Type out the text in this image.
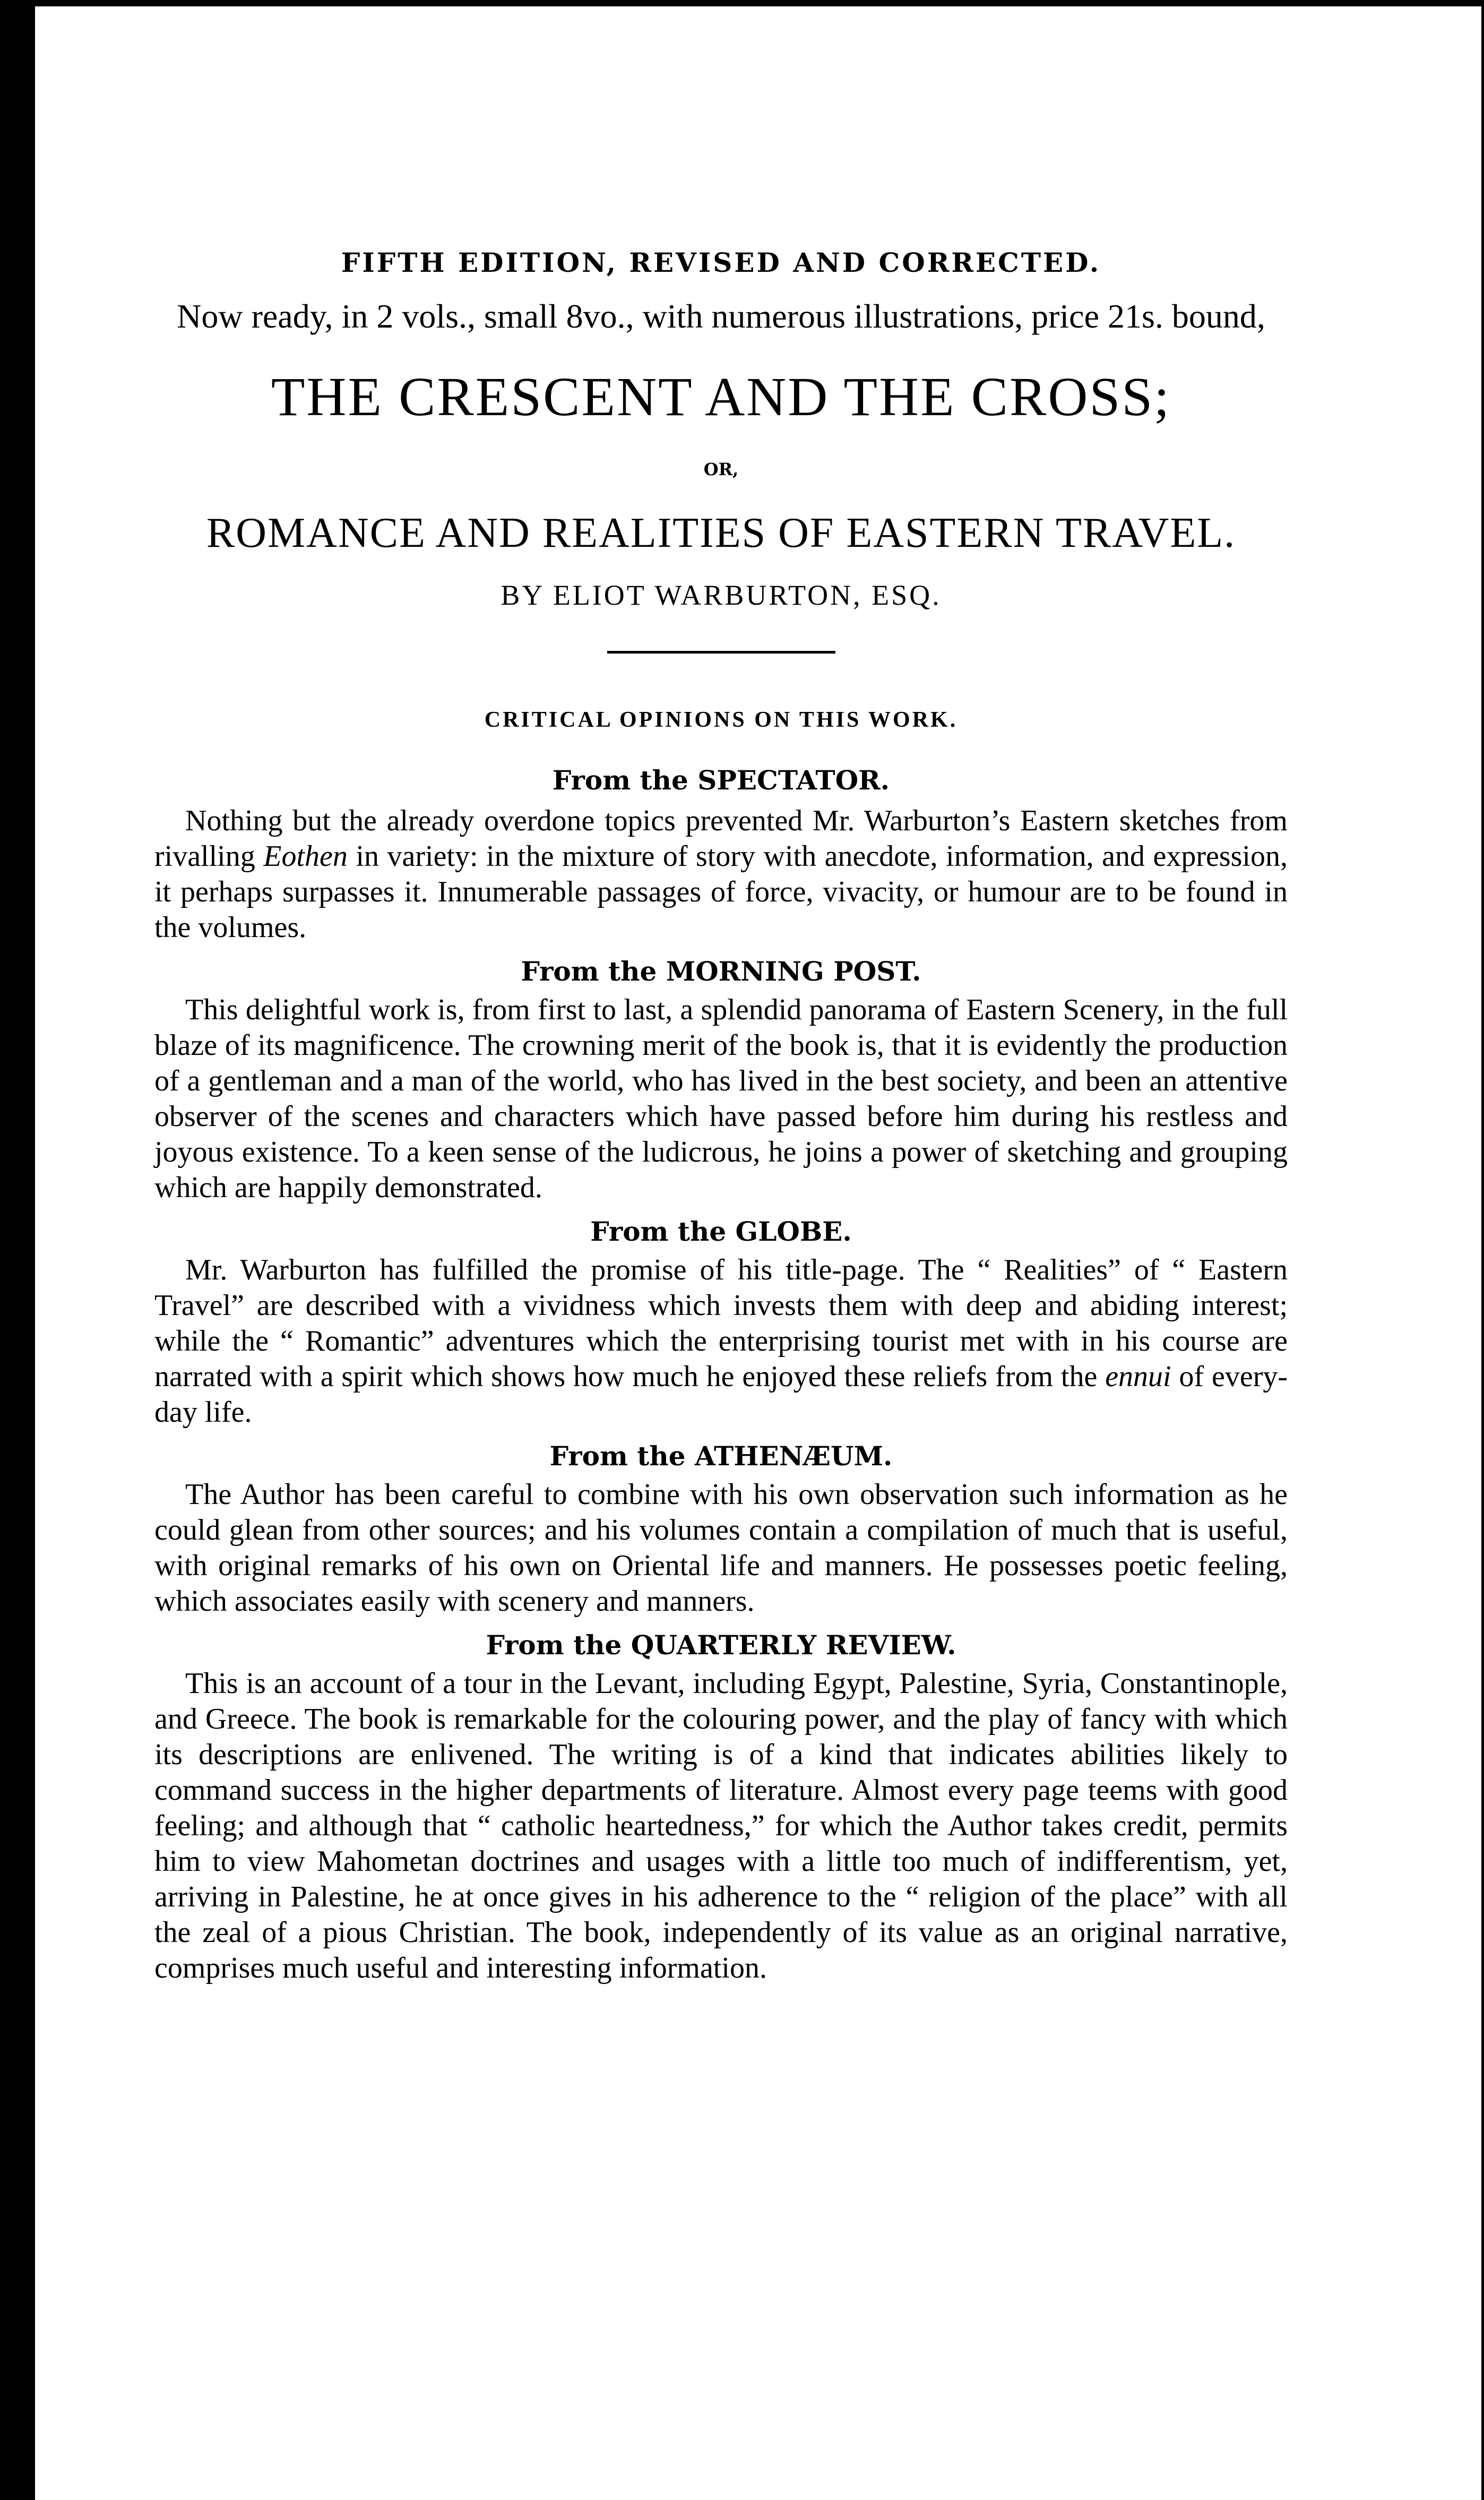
FIFTH EDITION, REVISED AND CORRECTED.
Now ready, in 2 vols., small 8vo., with numerous illustrations, price 21s. bound,
THE CRESCENT AND THE CROSS;
OR,
ROMANCE AND REALITIES OF EASTERN TRAVEL.
BY ELIOT WARBURTON, ESQ.
CRITICAL OPINIONS ON THIS WORK.
From the SPECTATOR.

Nothing but the already overdone topics prevented Mr. Warburton’s Eastern sketches from rivalling Eothen in variety: in the mixture of story with anecdote, information, and expression, it perhaps surpasses it. Innumerable passages of force, vivacity, or humour are to be found in the volumes.

From the MORNING POST.

This delightful work is, from first to last, a splendid panorama of Eastern Scenery, in the full blaze of its magnificence. The crowning merit of the book is, that it is evidently the production of a gentleman and a man of the world, who has lived in the best society, and been an attentive observer of the scenes and characters which have passed before him during his restless and joyous existence. To a keen sense of the ludicrous, he joins a power of sketching and grouping which are happily demonstrated.

From the GLOBE.

Mr. Warburton has fulfilled the promise of his title-page. The “ Realities” of “ Eastern Travel” are described with a vividness which invests them with deep and abiding interest; while the “ Romantic” adventures which the enterprising tourist met with in his course are narrated with a spirit which shows how much he enjoyed these reliefs from the ennui of every-day life.

From the ATHENÆUM.

The Author has been careful to combine with his own observation such information as he could glean from other sources; and his volumes contain a compilation of much that is useful, with original remarks of his own on Oriental life and manners. He possesses poetic feeling, which associates easily with scenery and manners.

From the QUARTERLY REVIEW.

This is an account of a tour in the Levant, including Egypt, Palestine, Syria, Constantinople, and Greece. The book is remarkable for the colouring power, and the play of fancy with which its descriptions are enlivened. The writing is of a kind that indicates abilities likely to command success in the higher departments of literature. Almost every page teems with good feeling; and although that “ catholic heartedness,” for which the Author takes credit, permits him to view Mahometan doctrines and usages with a little too much of indifferentism, yet, arriving in Palestine, he at once gives in his adherence to the “ religion of the place” with all the zeal of a pious Christian. The book, independently of its value as an original narrative, comprises much useful and interesting information.
